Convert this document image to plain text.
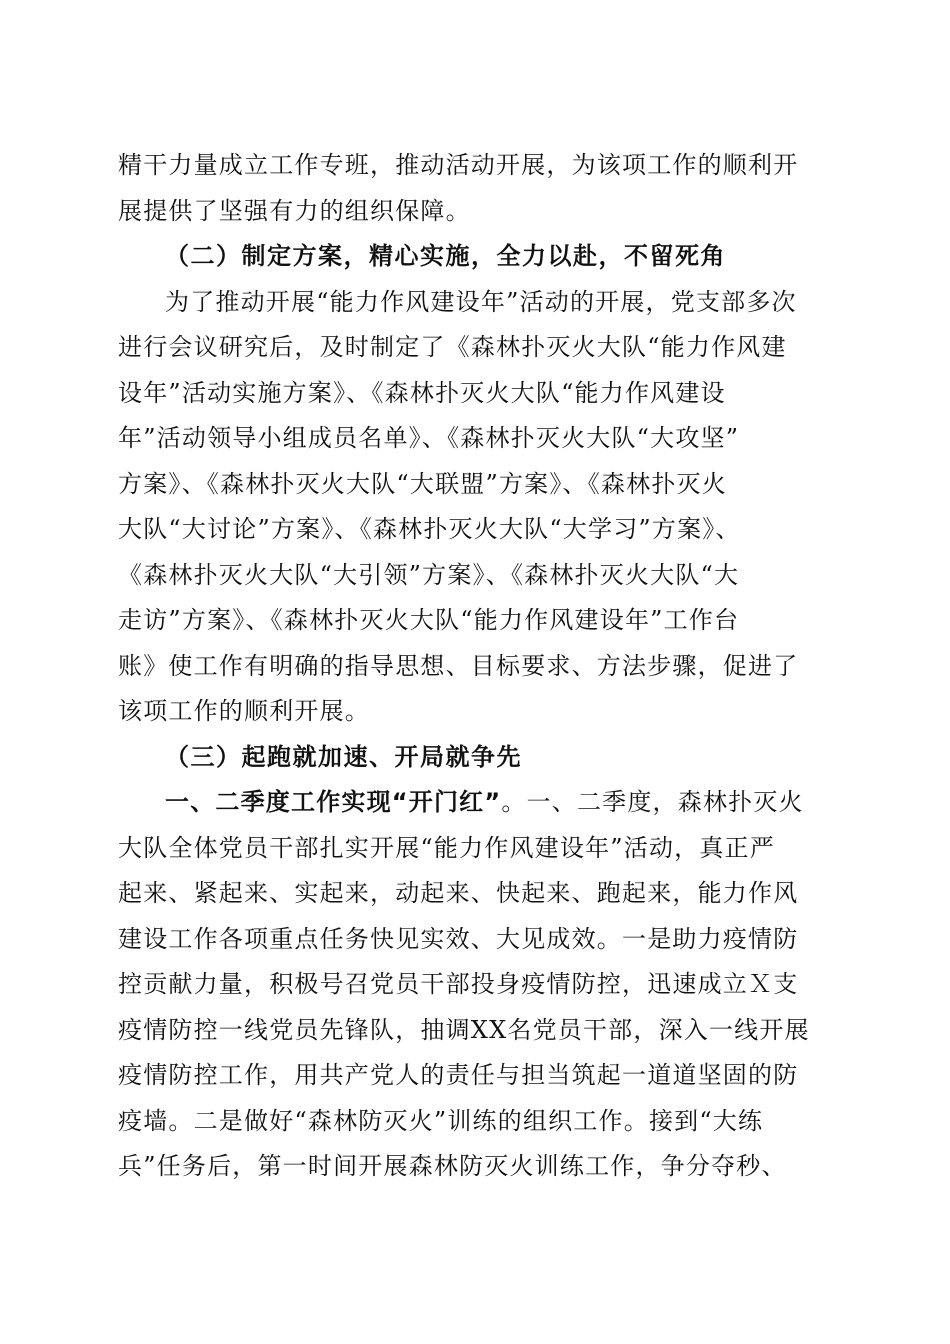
精干力量成立工作专班，推动活动开展，为该项工作的顺利开
展提供了坚强有力的组织保障。
（二）制定方案，精心实施，全力以赴，不留死角
为了推动开展“能力作风建设年”活动的开展，党支部多次
进行会议研究后，及时制定了《森林扑灭火大队“能力作风建
设年”活动实施方案》、《森林扑灭火大队“能力作风建设
年”活动领导小组成员名单》、《森林扑灭火大队“大攻坚”
方案》、《森林扑灭火大队“大联盟”方案》、《森林扑灭火
大队“大讨论”方案》、《森林扑灭火大队“大学习”方案》、
《森林扑灭火大队“大引领”方案》、《森林扑灭火大队“大
走访”方案》、《森林扑灭火大队“能力作风建设年”工作台
账》使工作有明确的指导思想、目标要求、方法步骤，促进了
该项工作的顺利开展。
（三）起跑就加速、开局就争先
一、二季度工作实现“开门红”。一、二季度，森林扑灭火
大队全体党员干部扎实开展“能力作风建设年”活动，真正严
起来、紧起来、实起来，动起来、快起来、跑起来，能力作风
建设工作各项重点任务快见实效、大见成效。一是助力疫情防
控贡献力量，积极号召党员干部投身疫情防控，迅速成立Ｘ支
疫情防控一线党员先锋队，抽调XX名党员干部，深入一线开展
疫情防控工作，用共产党人的责任与担当筑起一道道坚固的防
疫墙。二是做好“森林防灭火”训练的组织工作。接到“大练
兵”任务后，第一时间开展森林防灭火训练工作，争分夺秒、
